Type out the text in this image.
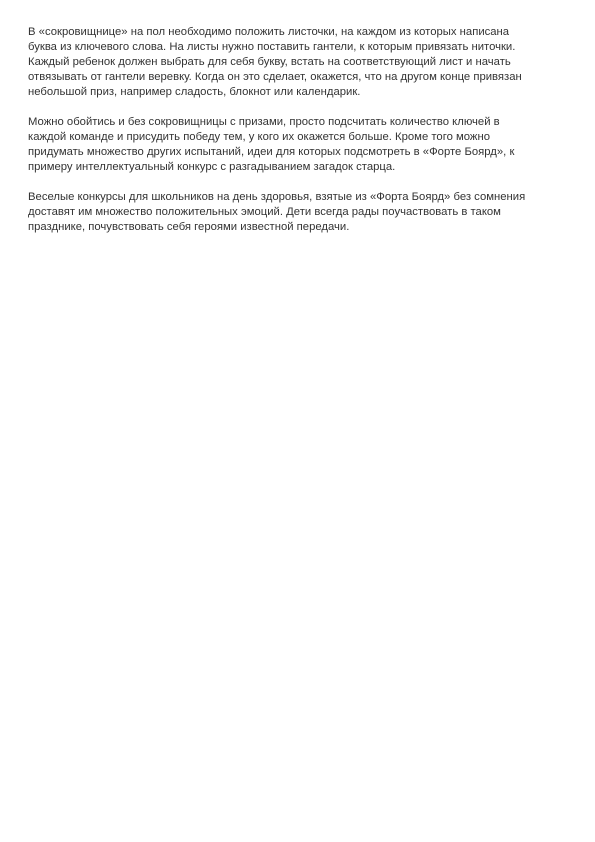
В «сокровищнице» на пол необходимо положить листочки, на каждом из которых написана
буква из ключевого слова. На листы нужно поставить гантели, к которым привязать ниточки.
Каждый ребенок должен выбрать для себя букву, встать на соответствующий лист и начать
отвязывать от гантели веревку. Когда он это сделает, окажется, что на другом конце привязан
небольшой приз, например сладость, блокнот или календарик.

Можно обойтись и без сокровищницы с призами, просто подсчитать количество ключей в
каждой команде и присудить победу тем, у кого их окажется больше. Кроме того можно
придумать множество других испытаний, идеи для которых подсмотреть в «Форте Боярд», к
примеру интеллектуальный конкурс с разгадыванием загадок старца.

Веселые конкурсы для школьников на день здоровья, взятые из «Форта Боярд» без сомнения
доставят им множество положительных эмоций. Дети всегда рады поучаствовать в таком
празднике, почувствовать себя героями известной передачи.
